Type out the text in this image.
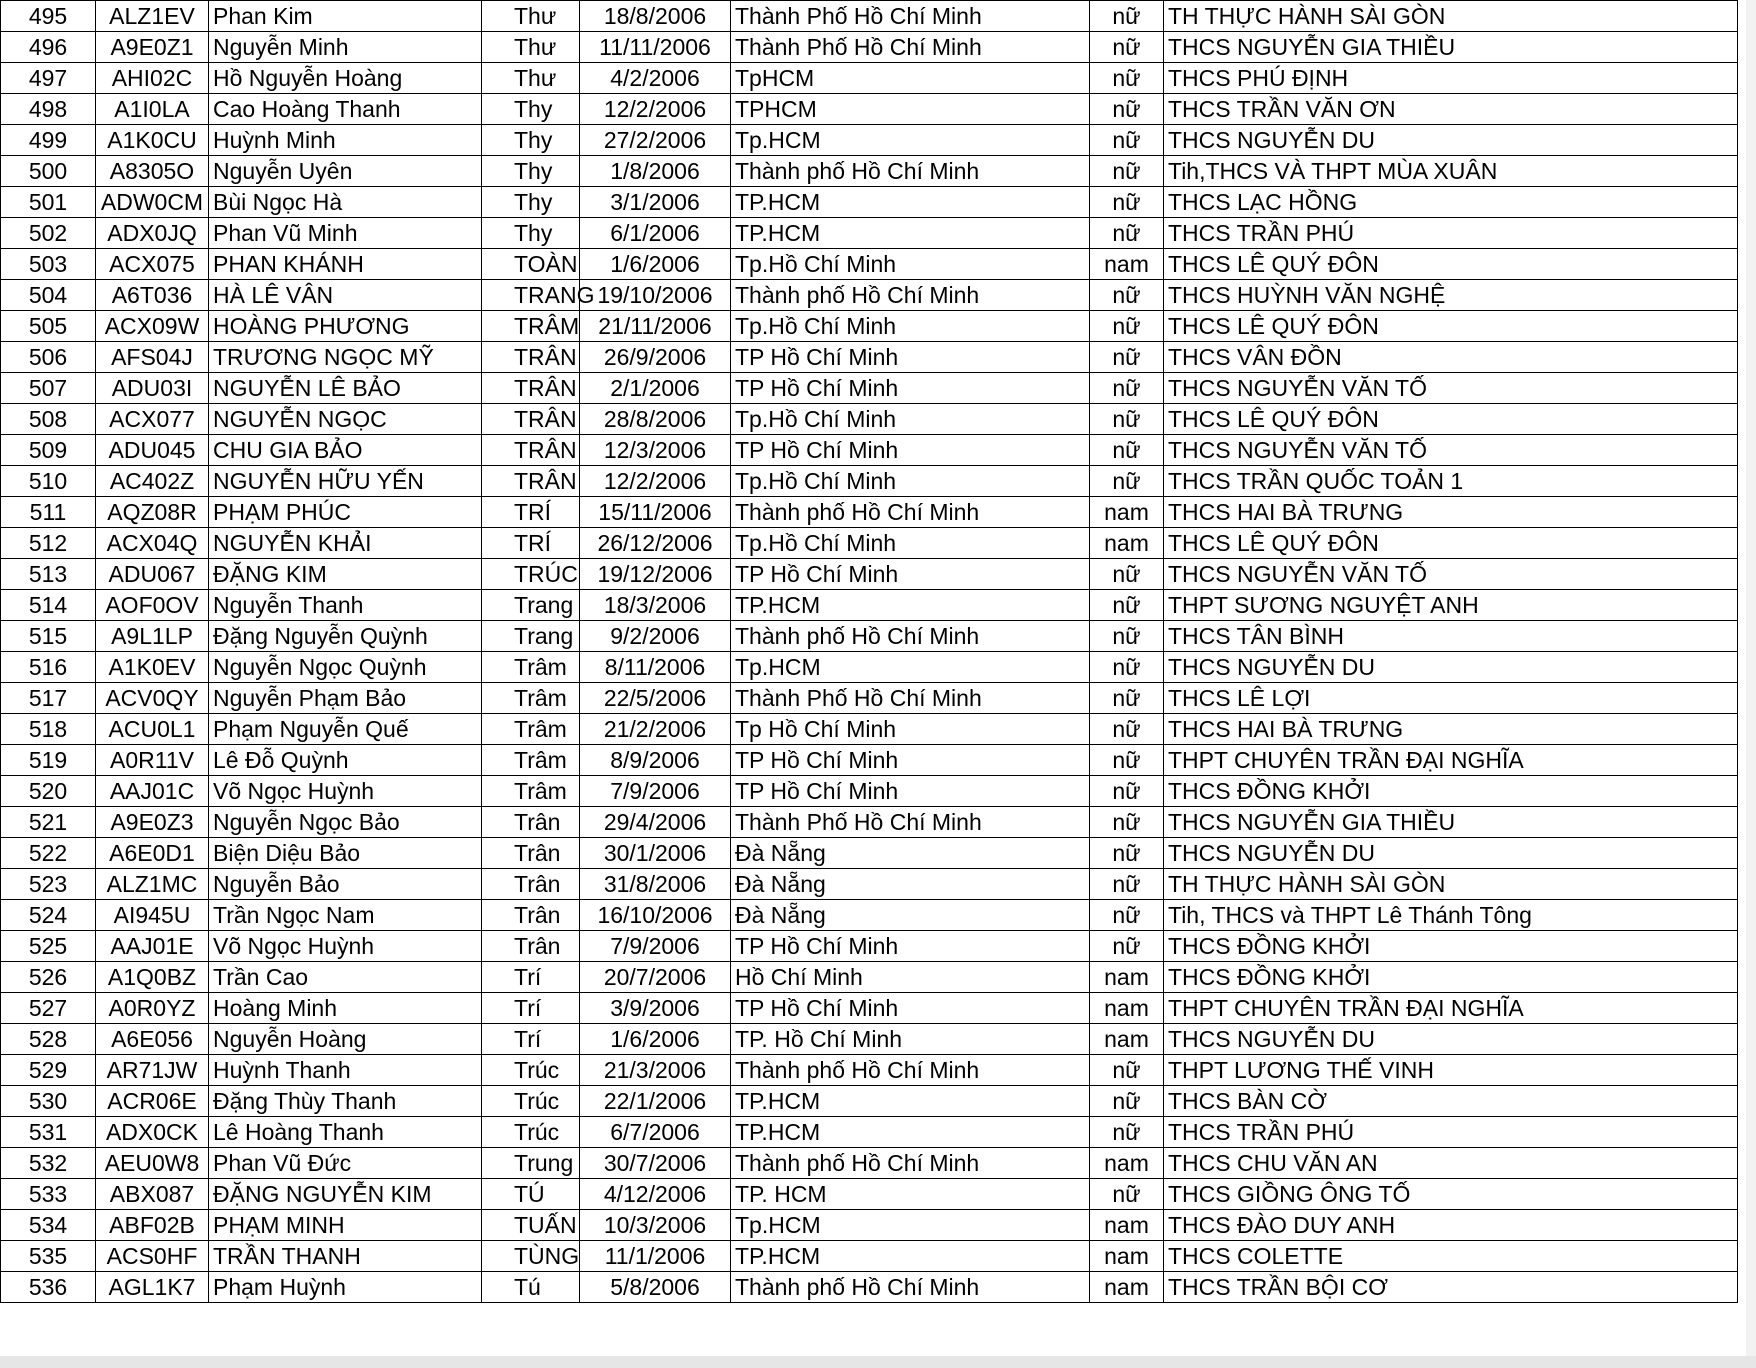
495	ALZ1EV	Phan Kim	Thư	18/8/2006	Thành Phố Hồ Chí Minh	nữ	TH THỰC HÀNH SÀI GÒN
496	A9E0Z1	Nguyễn Minh	Thư	11/11/2006	Thành Phố Hồ Chí Minh	nữ	THCS NGUYỄN GIA THIỀU
497	AHI02C	Hồ Nguyễn Hoàng	Thư	4/2/2006	TpHCM	nữ	THCS PHÚ ĐỊNH
498	A1I0LA	Cao Hoàng Thanh	Thy	12/2/2006	TPHCM	nữ	THCS TRẦN VĂN ƠN
499	A1K0CU	Huỳnh Minh	Thy	27/2/2006	Tp.HCM	nữ	THCS NGUYỄN DU
500	A8305O	Nguyễn Uyên	Thy	1/8/2006	Thành phố Hồ Chí Minh	nữ	Tih,THCS VÀ THPT MÙA XUÂN
501	ADW0CM	Bùi Ngọc Hà	Thy	3/1/2006	TP.HCM	nữ	THCS LẠC HỒNG
502	ADX0JQ	Phan Vũ Minh	Thy	6/1/2006	TP.HCM	nữ	THCS TRẦN PHÚ
503	ACX075	PHAN KHÁNH	TOÀN	1/6/2006	Tp.Hồ Chí Minh	nam	THCS LÊ QUÝ ĐÔN
504	A6T036	HÀ LÊ VÂN	TRANG	19/10/2006	Thành phố Hồ Chí Minh	nữ	THCS HUỲNH VĂN NGHỆ
505	ACX09W	HOÀNG PHƯƠNG	TRÂM	21/11/2006	Tp.Hồ Chí Minh	nữ	THCS LÊ QUÝ ĐÔN
506	AFS04J	TRƯƠNG NGỌC MỸ	TRÂN	26/9/2006	TP Hồ Chí Minh	nữ	THCS VÂN ĐỒN
507	ADU03I	NGUYỄN LÊ BẢO	TRÂN	2/1/2006	TP Hồ Chí Minh	nữ	THCS NGUYỄN VĂN TỐ
508	ACX077	NGUYỄN NGỌC	TRÂN	28/8/2006	Tp.Hồ Chí Minh	nữ	THCS LÊ QUÝ ĐÔN
509	ADU045	CHU GIA BẢO	TRÂN	12/3/2006	TP Hồ Chí Minh	nữ	THCS NGUYỄN VĂN TỐ
510	AC402Z	NGUYỄN HỮU YẾN	TRÂN	12/2/2006	Tp.Hồ Chí Minh	nữ	THCS TRẦN QUỐC TOẢN 1
511	AQZ08R	PHẠM PHÚC	TRÍ	15/11/2006	Thành phố Hồ Chí Minh	nam	THCS HAI BÀ TRƯNG
512	ACX04Q	NGUYỄN KHẢI	TRÍ	26/12/2006	Tp.Hồ Chí Minh	nam	THCS LÊ QUÝ ĐÔN
513	ADU067	ĐẶNG KIM	TRÚC	19/12/2006	TP Hồ Chí Minh	nữ	THCS NGUYỄN VĂN TỐ
514	AOF0OV	Nguyễn Thanh	Trang	18/3/2006	TP.HCM	nữ	THPT SƯƠNG NGUYỆT ANH
515	A9L1LP	Đặng Nguyễn Quỳnh	Trang	9/2/2006	Thành phố Hồ Chí Minh	nữ	THCS TÂN BÌNH
516	A1K0EV	Nguyễn Ngọc Quỳnh	Trâm	8/11/2006	Tp.HCM	nữ	THCS NGUYỄN DU
517	ACV0QY	Nguyễn Phạm Bảo	Trâm	22/5/2006	Thành Phố Hồ Chí Minh	nữ	THCS LÊ LỢI
518	ACU0L1	Phạm Nguyễn Quế	Trâm	21/2/2006	Tp Hồ Chí Minh	nữ	THCS HAI BÀ TRƯNG
519	A0R11V	Lê Đỗ Quỳnh	Trâm	8/9/2006	TP Hồ Chí Minh	nữ	THPT CHUYÊN TRẦN ĐẠI NGHĨA
520	AAJ01C	Võ Ngọc Huỳnh	Trâm	7/9/2006	TP Hồ Chí Minh	nữ	THCS ĐỒNG KHỞI
521	A9E0Z3	Nguyễn Ngọc Bảo	Trân	29/4/2006	Thành Phố Hồ Chí Minh	nữ	THCS NGUYỄN GIA THIỀU
522	A6E0D1	Biện Diệu Bảo	Trân	30/1/2006	Đà Nẵng	nữ	THCS NGUYỄN DU
523	ALZ1MC	Nguyễn Bảo	Trân	31/8/2006	Đà Nẵng	nữ	TH THỰC HÀNH SÀI GÒN
524	AI945U	Trần Ngọc Nam	Trân	16/10/2006	Đà Nẵng	nữ	Tih, THCS và THPT Lê Thánh Tông
525	AAJ01E	Võ Ngọc Huỳnh	Trân	7/9/2006	TP Hồ Chí Minh	nữ	THCS ĐỒNG KHỞI
526	A1Q0BZ	Trần Cao	Trí	20/7/2006	Hồ Chí Minh	nam	THCS ĐỒNG KHỞI
527	A0R0YZ	Hoàng Minh	Trí	3/9/2006	TP Hồ Chí Minh	nam	THPT CHUYÊN TRẦN ĐẠI NGHĨA
528	A6E056	Nguyễn Hoàng	Trí	1/6/2006	TP. Hồ Chí Minh	nam	THCS NGUYỄN DU
529	AR71JW	Huỳnh Thanh	Trúc	21/3/2006	Thành phố Hồ Chí Minh	nữ	THPT LƯƠNG THẾ VINH
530	ACR06E	Đặng Thùy Thanh	Trúc	22/1/2006	TP.HCM	nữ	THCS BÀN CỜ
531	ADX0CK	Lê Hoàng Thanh	Trúc	6/7/2006	TP.HCM	nữ	THCS TRẦN PHÚ
532	AEU0W8	Phan Vũ Đức	Trung	30/7/2006	Thành phố Hồ Chí Minh	nam	THCS CHU VĂN AN
533	ABX087	ĐẶNG NGUYỄN KIM	TÚ	4/12/2006	TP. HCM	nữ	THCS GIỒNG ÔNG TỐ
534	ABF02B	PHẠM MINH	TUẤN	10/3/2006	Tp.HCM	nam	THCS ĐÀO DUY ANH
535	ACS0HF	TRẦN THANH	TÙNG	11/1/2006	TP.HCM	nam	THCS COLETTE
536	AGL1K7	Phạm Huỳnh	Tú	5/8/2006	Thành phố Hồ Chí Minh	nam	THCS TRẦN BỘI CƠ
